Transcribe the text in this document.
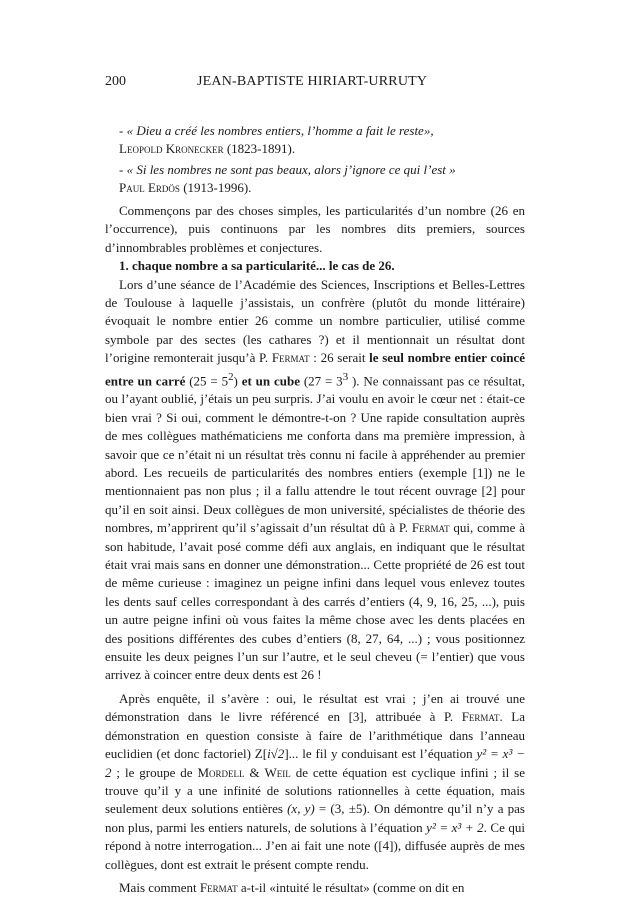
200	JEAN-BAPTISTE HIRIART-URRUTY
- « Dieu a créé les nombres entiers, l’homme a fait le reste»,
Leopold Kronecker (1823-1891).
- « Si les nombres ne sont pas beaux, alors j’ignore ce qui l’est »
Paul Erdös (1913-1996).

Commençons par des choses simples, les particularités d’un nombre (26 en l’occurrence), puis continuons par les nombres dits premiers, sources d’innombrables problèmes et conjectures.

1. chaque nombre a sa particularité... le cas de 26.

Lors d’une séance de l’Académie des Sciences, Inscriptions et Belles-Lettres de Toulouse à laquelle j’assistais, un confrère (plutôt du monde littéraire) évoquait le nombre entier 26 comme un nombre particulier, utilisé comme symbole par des sectes (les cathares ?) et il mentionnait un résultat dont l’origine remonterait jusqu’à P. Fermat : 26 serait le seul nombre entier coincé entre un carré $(25 = 5^2)$ et un cube ($27 = 3^3$ ). Ne connaissant pas ce résultat, ou l’ayant oublié, j’étais un peu surpris. J’ai voulu en avoir le cœur net : était-ce bien vrai ? Si oui, comment le démontre-t-on ? Une rapide consultation auprès de mes collègues mathématiciens me conforta dans ma première impression, à savoir que ce n’était ni un résultat très connu ni facile à appréhender au premier abord. Les recueils de particularités des nombres entiers (exemple [1]) ne le mentionnaient pas non plus ; il a fallu attendre le tout récent ouvrage [2] pour qu’il en soit ainsi. Deux collègues de mon université, spécialistes de théorie des nombres, m’apprirent qu’il s’agissait d’un résultat dû à P. Fermat qui, comme à son habitude, l’avait posé comme défi aux anglais, en indiquant que le résultat était vrai mais sans en donner une démonstration... Cette propriété de 26 est tout de même curieuse : imaginez un peigne infini dans lequel vous enlevez toutes les dents sauf celles correspondant à des carrés d’entiers (4, 9, 16, 25, ...), puis un autre peigne infini où vous faites la même chose avec les dents placées en des positions différentes des cubes d’entiers (8, 27, 64, ...) ; vous positionnez ensuite les deux peignes l’un sur l’autre, et le seul cheveu (= l’entier) que vous arrivez à coincer entre deux dents est 26 !

Après enquête, il s’avère : oui, le résultat est vrai ; j’en ai trouvé une démonstration dans le livre référencé en [3], attribuée à P. Fermat. La démonstration en question consiste à faire de l’arithmétique dans l’anneau euclidien (et donc factoriel) Z[i√2]... le fil y conduisant est l’équation y² = x³ − 2 ; le groupe de Mordell & Weil de cette équation est cyclique infini ; il se trouve qu’il y a une infinité de solutions rationnelles à cette équation, mais seulement deux solutions entières (x, y) = (3, ±5). On démontre qu’il n’y a pas non plus, parmi les entiers naturels, de solutions à l’équation y² = x³ + 2. Ce qui répond à notre interrogation... J’en ai fait une note ([4]), diffusée auprès de mes collègues, dont est extrait le présent compte rendu.

Mais comment Fermat a-t-il «intuité le résultat» (comme on dit en
